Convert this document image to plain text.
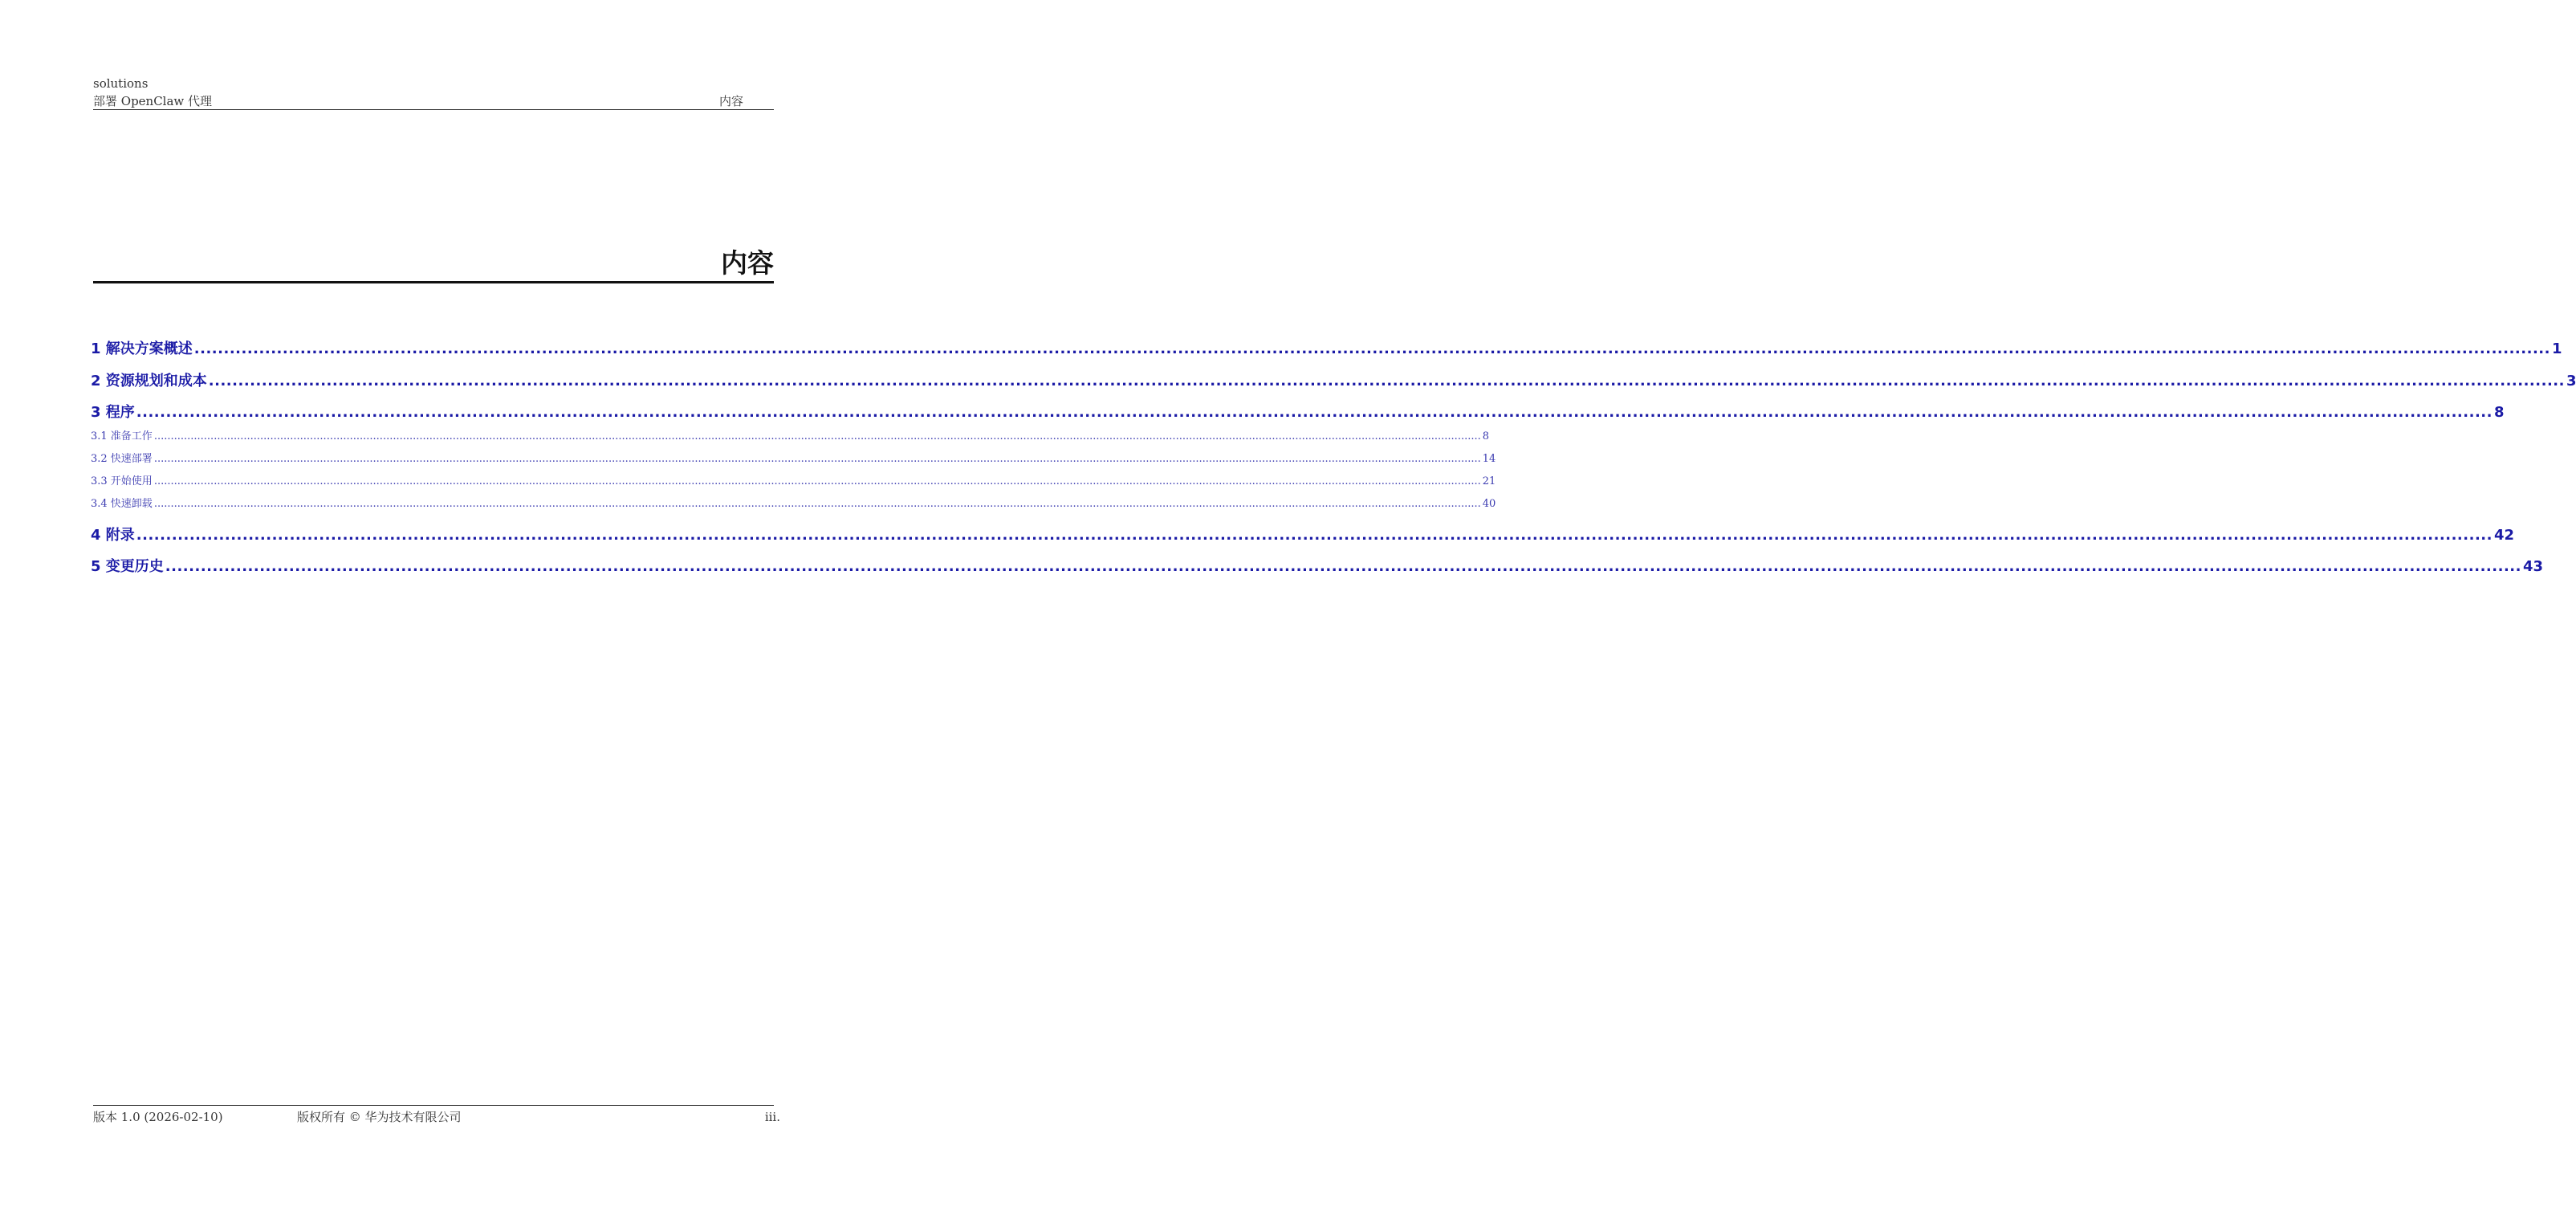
solutions
部署 OpenClaw 代理	内容
内容
1 解决方案概述 ................................................................................................................................................................................................................................................................................................................................................................................................................ 1
2 资源规划和成本 ................................................................................................................................................................................................................................................................................................................................................................................................................ 3
3 程序 ................................................................................................................................................................................................................................................................................................................................................................................................................ 8
3.1 准备工作 ................................................................................................................................................................................................................................................................................................................................................................................................................ 8
3.2 快速部署 ................................................................................................................................................................................................................................................................................................................................................................................................................ 14
3.3 开始使用 ................................................................................................................................................................................................................................................................................................................................................................................................................ 21
3.4 快速卸载 ................................................................................................................................................................................................................................................................................................................................................................................................................ 40
4 附录 ................................................................................................................................................................................................................................................................................................................................................................................................................ 42
5 变更历史 ................................................................................................................................................................................................................................................................................................................................................................................................................ 43
版本 1.0 (2026-02-10)	版权所有 © 华为技术有限公司	iii.
